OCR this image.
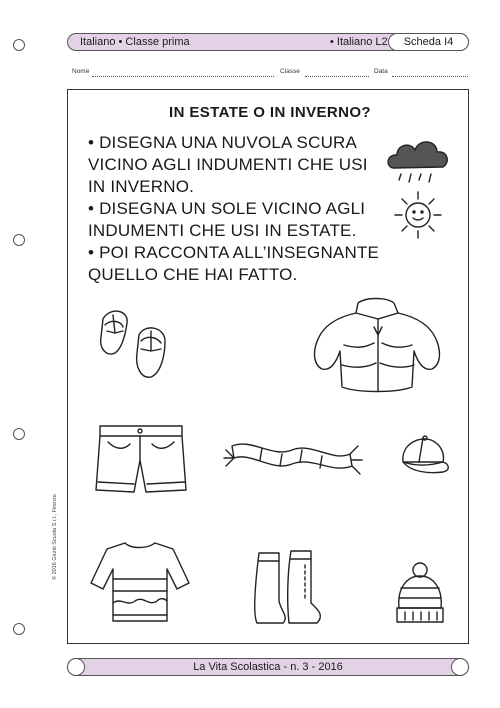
Italiano • Classe prima	• Italiano L2	Scheda I4
Nome	Classe	Data
IN ESTATE O IN INVERNO?
• DISEGNA UNA NUVOLA SCURA
VICINO AGLI INDUMENTI CHE USI
IN INVERNO.
• DISEGNA UN SOLE VICINO AGLI
INDUMENTI CHE USI IN ESTATE.
• POI RACCONTA ALL’INSEGNANTE
QUELLO CHE HAI FATTO.
© 2016 Giunti Scuola S.r.l., Firenze
La Vita Scolastica - n. 3 - 2016
